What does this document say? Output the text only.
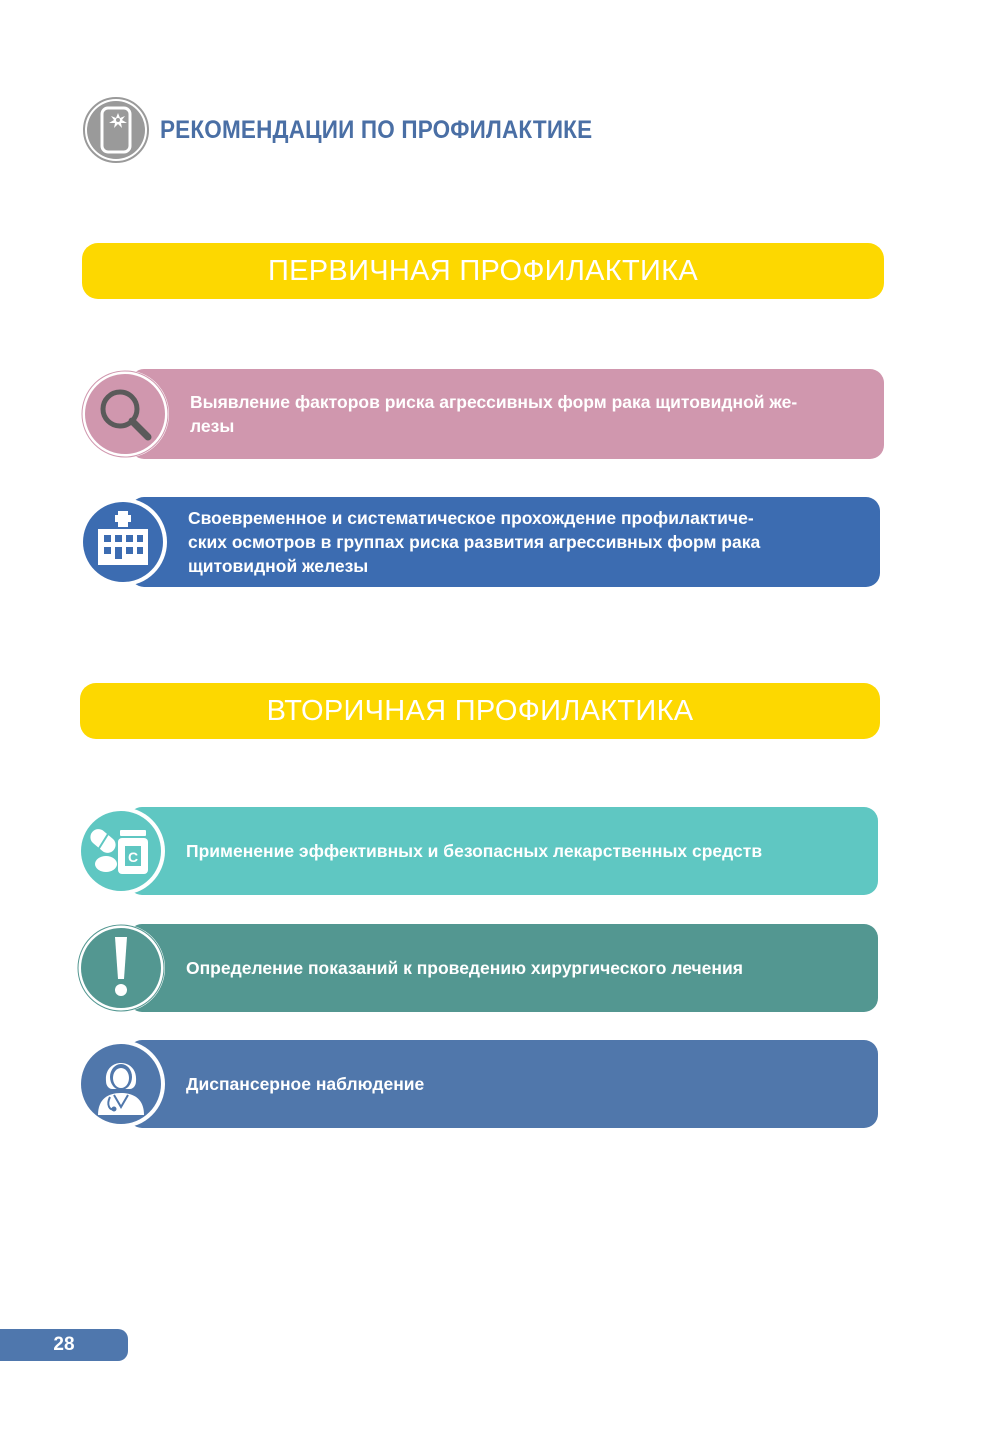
РЕКОМЕНДАЦИИ ПО ПРОФИЛАКТИКЕ
ПЕРВИЧНАЯ ПРОФИЛАКТИКА
Выявление факторов риска агрессивных форм рака щитовидной же-
лезы
Своевременное и систематическое прохождение профилактиче-
ских осмотров в группах риска развития агрессивных форм рака
щитовидной железы
ВТОРИЧНАЯ ПРОФИЛАКТИКА
Применение эффективных и безопасных лекарственных средств
C
Определение показаний к проведению хирургического лечения
Диспансерное наблюдение
28
